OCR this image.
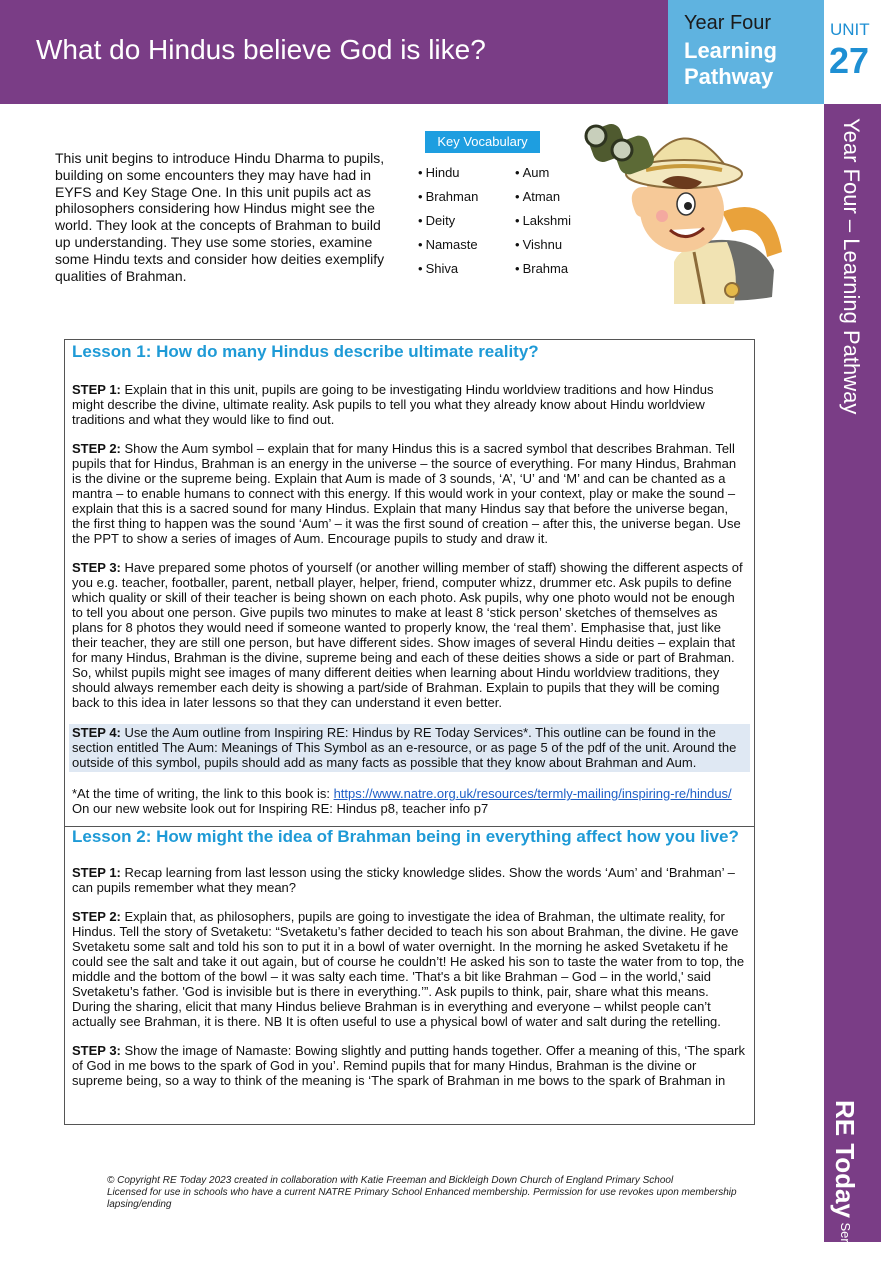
What do Hindus believe God is like?
Year Four
Learning
Pathway
UNIT
27
Year Four – Learning Pathway
RE Today Services

This unit begins to introduce Hindu Dharma to pupils, building on some encounters they may have had in EYFS and Key Stage One. In this unit pupils act as philosophers considering how Hindus might see the world. They look at the concepts of Brahman to build up understanding. They use some stories, examine some Hindu texts and consider how deities exemplify qualities of Brahman.

Key Vocabulary
• Hindu
• Brahman
• Deity
• Namaste
• Shiva
• Aum
• Atman
• Lakshmi
• Vishnu
• Brahma
Lesson 1: How do many Hindus describe ultimate reality?

STEP 1: Explain that in this unit, pupils are going to be investigating Hindu worldview traditions and how Hindus might describe the divine, ultimate reality. Ask pupils to tell you what they already know about Hindu worldview traditions and what they would like to find out.

STEP 2: Show the Aum symbol – explain that for many Hindus this is a sacred symbol that describes Brahman. Tell pupils that for Hindus, Brahman is an energy in the universe – the source of everything. For many Hindus, Brahman is the divine or the supreme being. Explain that Aum is made of 3 sounds, ‘A’, ‘U’ and ‘M’ and can be chanted as a mantra – to enable humans to connect with this energy. If this would work in your context, play or make the sound – explain that this is a sacred sound for many Hindus. Explain that many Hindus say that before the universe began, the first thing to happen was the sound ‘Aum’ – it was the first sound of creation – after this, the universe began. Use the PPT to show a series of images of Aum. Encourage pupils to study and draw it.

STEP 3: Have prepared some photos of yourself (or another willing member of staff) showing the different aspects of you e.g. teacher, footballer, parent, netball player, helper, friend, computer whizz, drummer etc. Ask pupils to define which quality or skill of their teacher is being shown on each photo. Ask pupils, why one photo would not be enough to tell you about one person. Give pupils two minutes to make at least 8 ‘stick person’ sketches of themselves as plans for 8 photos they would need if someone wanted to properly know, the ‘real them’. Emphasise that, just like their teacher, they are still one person, but have different sides. Show images of several Hindu deities – explain that for many Hindus, Brahman is the divine, supreme being and each of these deities shows a side or part of Brahman. So, whilst pupils might see images of many different deities when learning about Hindu worldview traditions, they should always remember each deity is showing a part/side of Brahman. Explain to pupils that they will be coming back to this idea in later lessons so that they can understand it even better.

STEP 4: Use the Aum outline from Inspiring RE: Hindus by RE Today Services*. This outline can be found in the section entitled The Aum: Meanings of This Symbol as an e-resource, or as page 5 of the pdf of the unit. Around the outside of this symbol, pupils should add as many facts as possible that they know about Brahman and Aum.

*At the time of writing, the link to this book is: https://www.natre.org.uk/resources/termly-mailing/inspiring-re/hindus/
On our new website look out for Inspiring RE: Hindus p8, teacher info p7

Lesson 2: How might the idea of Brahman being in everything affect how you live?

STEP 1: Recap learning from last lesson using the sticky knowledge slides. Show the words ‘Aum’ and ‘Brahman’ – can pupils remember what they mean?

STEP 2: Explain that, as philosophers, pupils are going to investigate the idea of Brahman, the ultimate reality, for Hindus. Tell the story of Svetaketu: “Svetaketu’s father decided to teach his son about Brahman, the divine. He gave Svetaketu some salt and told his son to put it in a bowl of water overnight. In the morning he asked Svetaketu if he could see the salt and take it out again, but of course he couldn’t! He asked his son to taste the water from to top, the middle and the bottom of the bowl – it was salty each time. 'That's a bit like Brahman – God – in the world,' said Svetaketu’s father. 'God is invisible but is there in everything.’”. Ask pupils to think, pair, share what this means. During the sharing, elicit that many Hindus believe Brahman is in everything and everyone – whilst people can’t actually see Brahman, it is there. NB It is often useful to use a physical bowl of water and salt during the retelling.

STEP 3: Show the image of Namaste: Bowing slightly and putting hands together. Offer a meaning of this, ‘The spark of God in me bows to the spark of God in you’. Remind pupils that for many Hindus, Brahman is the divine or supreme being, so a way to think of the meaning is ‘The spark of Brahman in me bows to the spark of Brahman in

© Copyright RE Today 2023 created in collaboration with Katie Freeman and Bickleigh Down Church of England Primary School

Licensed for use in schools who have a current NATRE Primary School Enhanced membership. Permission for use revokes upon membership lapsing/ending
